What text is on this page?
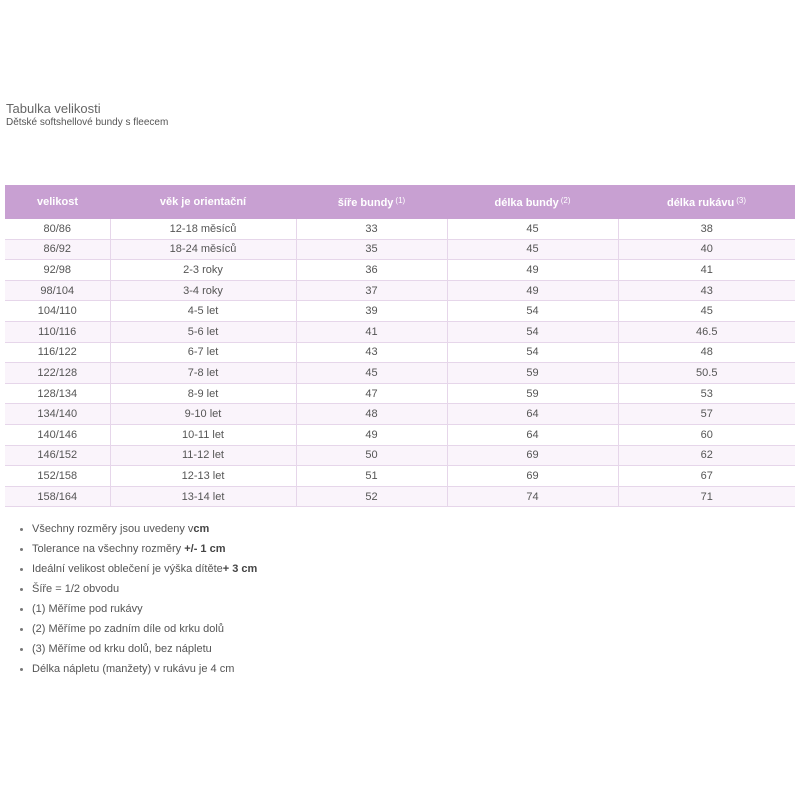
Tabulka velikosti
Dětské softshellové bundy s fleecem
velikost	věk je orientační	šíře bundy $^{(1)}$	délka bundy $^{(2)}$	délka rukávu $^{(3)}$
80/86	12-18 měsíců	33	45	38
86/92	18-24 měsíců	35	45	40
92/98	2-3 roky	36	49	41
98/104	3-4 roky	37	49	43
104/110	4-5 let	39	54	45
110/116	5-6 let	41	54	46.5
116/122	6-7 let	43	54	48
122/128	7-8 let	45	59	50.5
128/134	8-9 let	47	59	53
134/140	9-10 let	48	64	57
140/146	10-11 let	49	64	60
146/152	11-12 let	50	69	62
152/158	12-13 let	51	69	67
158/164	13-14 let	52	74	71
• Všechny rozměry jsou uvedeny vcm
• Tolerance na všechny rozměry +/- 1 cm
• Ideální velikost oblečení je výška dítěte+ 3 cm
• Šíře = 1/2 obvodu
• (1) Měříme pod rukávy
• (2) Měříme po zadním díle od krku dolů
• (3) Měříme od krku dolů, bez nápletu
• Délka nápletu (manžety) v rukávu je 4 cm
